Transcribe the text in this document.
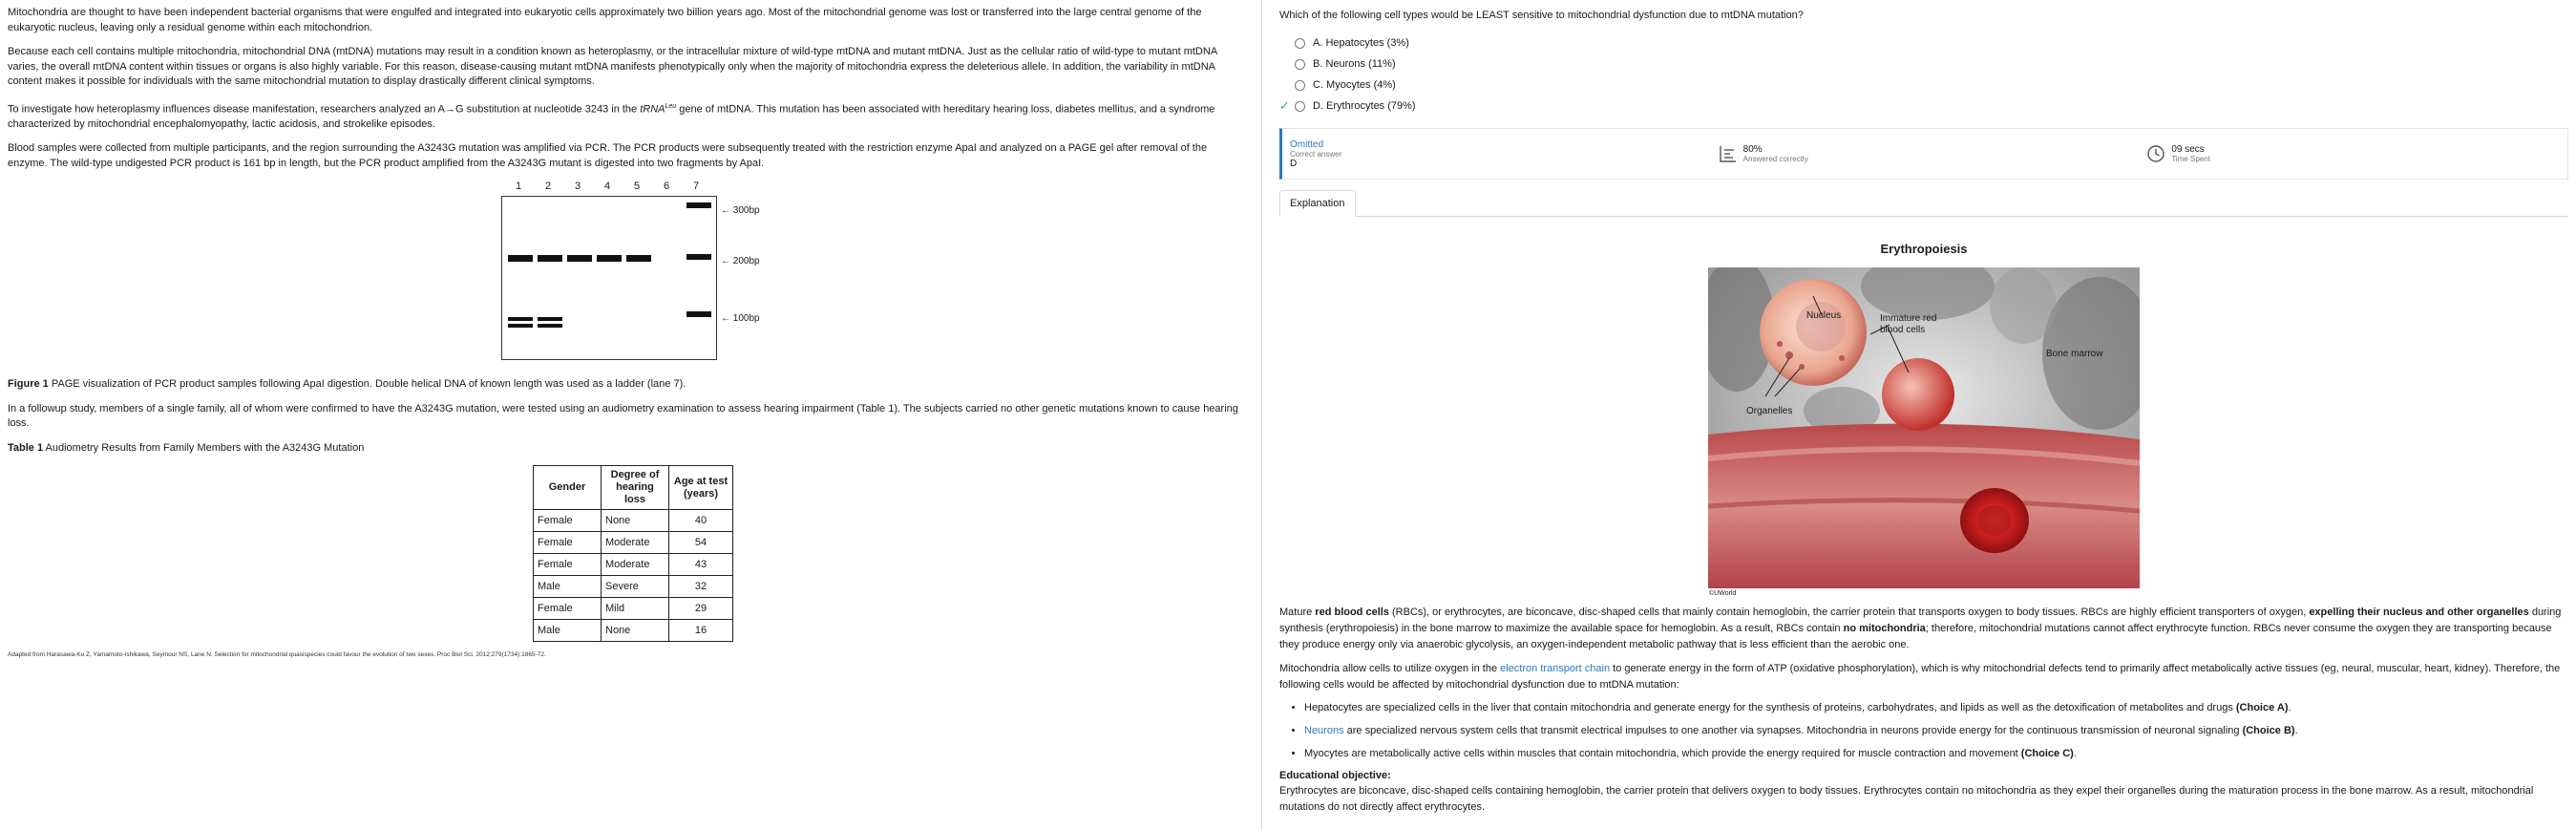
Mitochondria are thought to have been independent bacterial organisms that were engulfed and integrated into eukaryotic cells approximately two billion years ago. Most of the mitochondrial genome was lost or transferred into the large central genome of the eukaryotic nucleus, leaving only a residual genome within each mitochondrion.

Because each cell contains multiple mitochondria, mitochondrial DNA (mtDNA) mutations may result in a condition known as heteroplasmy, or the intracellular mixture of wild-type mtDNA and mutant mtDNA. Just as the cellular ratio of wild-type to mutant mtDNA varies, the overall mtDNA content within tissues or organs is also highly variable. For this reason, disease-causing mutant mtDNA manifests phenotypically only when the majority of mitochondria express the deleterious allele. In addition, the variability in mtDNA content makes it possible for individuals with the same mitochondrial mutation to display drastically different clinical symptoms.

To investigate how heteroplasmy influences disease manifestation, researchers analyzed an A→G substitution at nucleotide 3243 in the tRNA$^{Leu}$ gene of mtDNA. This mutation has been associated with hereditary hearing loss, diabetes mellitus, and a syndrome characterized by mitochondrial encephalomyopathy, lactic acidosis, and strokelike episodes.

Blood samples were collected from multiple participants, and the region surrounding the A3243G mutation was amplified via PCR. The PCR products were subsequently treated with the restriction enzyme ApaI and analyzed on a PAGE gel after removal of the enzyme. The wild-type undigested PCR product is 161 bp in length, but the PCR product amplified from the A3243G mutant is digested into two fragments by ApaI.

1	2	3	4	5	6	7
← 300bp
← 200bp
← 100bp

Figure 1 PAGE visualization of PCR product samples following ApaI digestion. Double helical DNA of known length was used as a ladder (lane 7).

In a followup study, members of a single family, all of whom were confirmed to have the A3243G mutation, were tested using an audiometry examination to assess hearing impairment (Table 1). The subjects carried no other genetic mutations known to cause hearing loss.

Table 1 Audiometry Results from Family Members with the A3243G Mutation

Gender	Degree of hearing loss	Age at test (years)
Female	None	40
Female	Moderate	54
Female	Moderate	43
Male	Severe	32
Female	Mild	29
Male	None	16
Adapted from Harasawa-Ku Z, Yamamoto-Ishikawa, Seymour NS, Lane N. Selection for mitochondrial quasispecies could favour the evolution of two sexes. Proc Biol Sci. 2012;279(1734):1865-72.
Which of the following cell types would be LEAST sensitive to mitochondrial dysfunction due to mtDNA mutation?
A. Hepatocytes (3%)
B. Neurons (11%)
C. Myocytes (4%)
✓	D. Erythrocytes (79%)
Omitted
Correct answer
D
80%
Answered correctly
09 secs
Time Spent
Explanation
Erythropoiesis
Nucleus	Immature red blood cells
Bone marrow
Organelles
©UWorld

Mature red blood cells (RBCs), or erythrocytes, are biconcave, disc-shaped cells that mainly contain hemoglobin, the carrier protein that transports oxygen to body tissues. RBCs are highly efficient transporters of oxygen, expelling their nucleus and other organelles during synthesis (erythropoiesis) in the bone marrow to maximize the available space for hemoglobin. As a result, RBCs contain no mitochondria; therefore, mitochondrial mutations cannot affect erythrocyte function. RBCs never consume the oxygen they are transporting because they produce energy only via anaerobic glycolysis, an oxygen-independent metabolic pathway that is less efficient than the aerobic one.

Mitochondria allow cells to utilize oxygen in the electron transport chain to generate energy in the form of ATP (oxidative phosphorylation), which is why mitochondrial defects tend to primarily affect metabolically active tissues (eg, neural, muscular, heart, kidney). Therefore, the following cells would be affected by mitochondrial dysfunction due to mtDNA mutation:

• Hepatocytes are specialized cells in the liver that contain mitochondria and generate energy for the synthesis of proteins, carbohydrates, and lipids as well as the detoxification of metabolites and drugs (Choice A).
• Neurons are specialized nervous system cells that transmit electrical impulses to one another via synapses. Mitochondria in neurons provide energy for the continuous transmission of neuronal signaling (Choice B).
• Myocytes are metabolically active cells within muscles that contain mitochondria, which provide the energy required for muscle contraction and movement (Choice C).
Educational objective:

Erythrocytes are biconcave, disc-shaped cells containing hemoglobin, the carrier protein that delivers oxygen to body tissues. Erythrocytes contain no mitochondria as they expel their organelles during the maturation process in the bone marrow. As a result, mitochondrial mutations do not directly affect erythrocytes.
